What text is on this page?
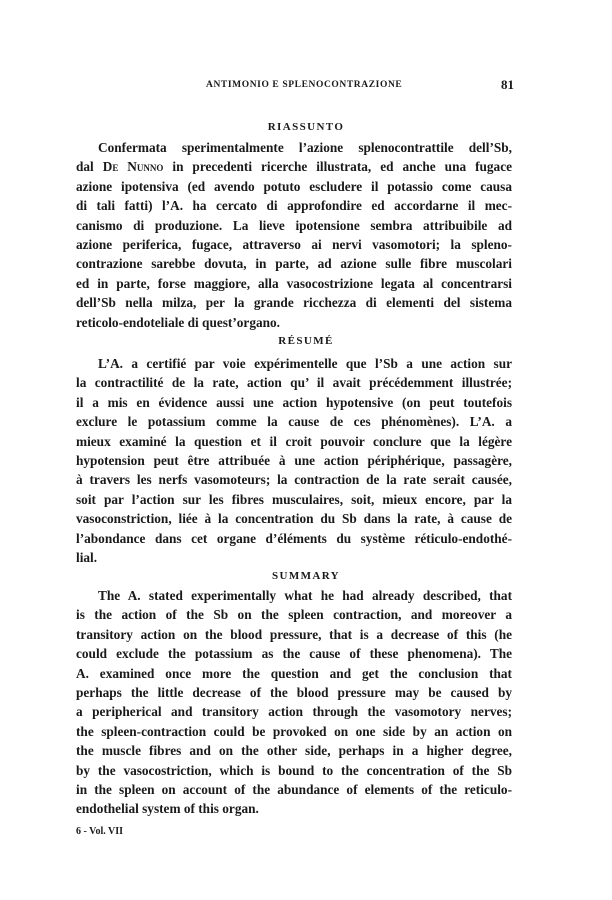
ANTIMONIO E SPLENOCONTRAZIONE	81
RIASSUNTO
Confermata sperimentalmente l’azione splenocontrattile dell’Sb,
dal De Nunno in precedenti ricerche illustrata, ed anche una fugace
azione ipotensiva (ed avendo potuto escludere il potassio come causa
di tali fatti) l’A. ha cercato di approfondire ed accordarne il mec-
canismo di produzione. La lieve ipotensione sembra attribuibile ad
azione periferica, fugace, attraverso ai nervi vasomotori; la spleno-
contrazione sarebbe dovuta, in parte, ad azione sulle fibre muscolari
ed in parte, forse maggiore, alla vasocostrizione legata al concentrarsi
dell’Sb nella milza, per la grande ricchezza di elementi del sistema
reticolo-endoteliale di quest’organo.
RÉSUMÉ
L’A. a certifié par voie expérimentelle que l’Sb a une action sur
la contractilité de la rate, action qu’ il avait précédemment illustrée;
il a mis en évidence aussi une action hypotensive (on peut toutefois
exclure le potassium comme la cause de ces phénomènes). L’A. a
mieux examiné la question et il croit pouvoir conclure que la légère
hypotension peut être attribuée à une action périphérique, passagère,
à travers les nerfs vasomoteurs; la contraction de la rate serait causée,
soit par l’action sur les fibres musculaires, soit, mieux encore, par la
vasoconstriction, liée à la concentration du Sb dans la rate, à cause de
l’abondance dans cet organe d’éléments du système réticulo-endothé-
lial.
SUMMARY
The A. stated experimentally what he had already described, that
is the action of the Sb on the spleen contraction, and moreover a
transitory action on the blood pressure, that is a decrease of this (he
could exclude the potassium as the cause of these phenomena). The
A. examined once more the question and get the conclusion that
perhaps the little decrease of the blood pressure may be caused by
a peripherical and transitory action through the vasomotory nerves;
the spleen-contraction could be provoked on one side by an action on
the muscle fibres and on the other side, perhaps in a higher degree,
by the vasocostriction, which is bound to the concentration of the Sb
in the spleen on account of the abundance of elements of the reticulo-
endothelial system of this organ.
6 - Vol. VII
